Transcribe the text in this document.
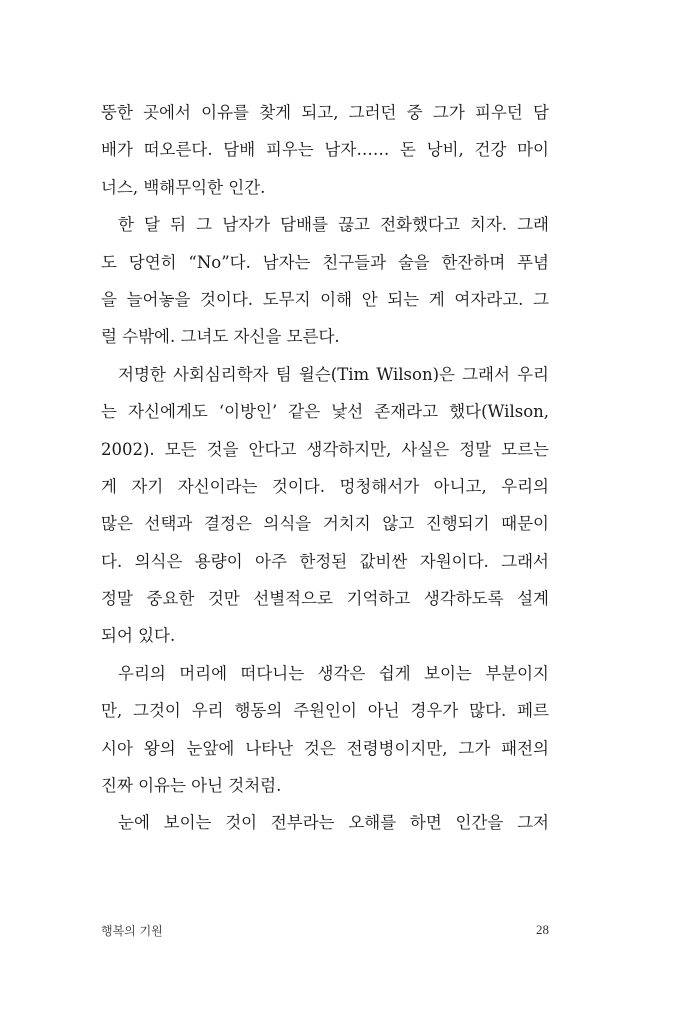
뚱한 곳에서 이유를 찾게 되고, 그러던 중 그가 피우던 담
배가 떠오른다. 담배 피우는 남자…… 돈 낭비, 건강 마이
너스, 백해무익한 인간.
한 달 뒤 그 남자가 담배를 끊고 전화했다고 치자. 그래
도 당연히 “No”다. 남자는 친구들과 술을 한잔하며 푸념
을 늘어놓을 것이다. 도무지 이해 안 되는 게 여자라고. 그
럴 수밖에. 그녀도 자신을 모른다.
저명한 사회심리학자 팀 윌슨(Tim Wilson)은 그래서 우리
는 자신에게도 ‘이방인’ 같은 낯선 존재라고 했다(Wilson,
2002). 모든 것을 안다고 생각하지만, 사실은 정말 모르는
게 자기 자신이라는 것이다. 멍청해서가 아니고, 우리의
많은 선택과 결정은 의식을 거치지 않고 진행되기 때문이
다. 의식은 용량이 아주 한정된 값비싼 자원이다. 그래서
정말 중요한 것만 선별적으로 기억하고 생각하도록 설계
되어 있다.
우리의 머리에 떠다니는 생각은 쉽게 보이는 부분이지
만, 그것이 우리 행동의 주원인이 아닌 경우가 많다. 페르
시아 왕의 눈앞에 나타난 것은 전령병이지만, 그가 패전의
진짜 이유는 아닌 것처럼.
눈에 보이는 것이 전부라는 오해를 하면 인간을 그저
행복의 기원	28
